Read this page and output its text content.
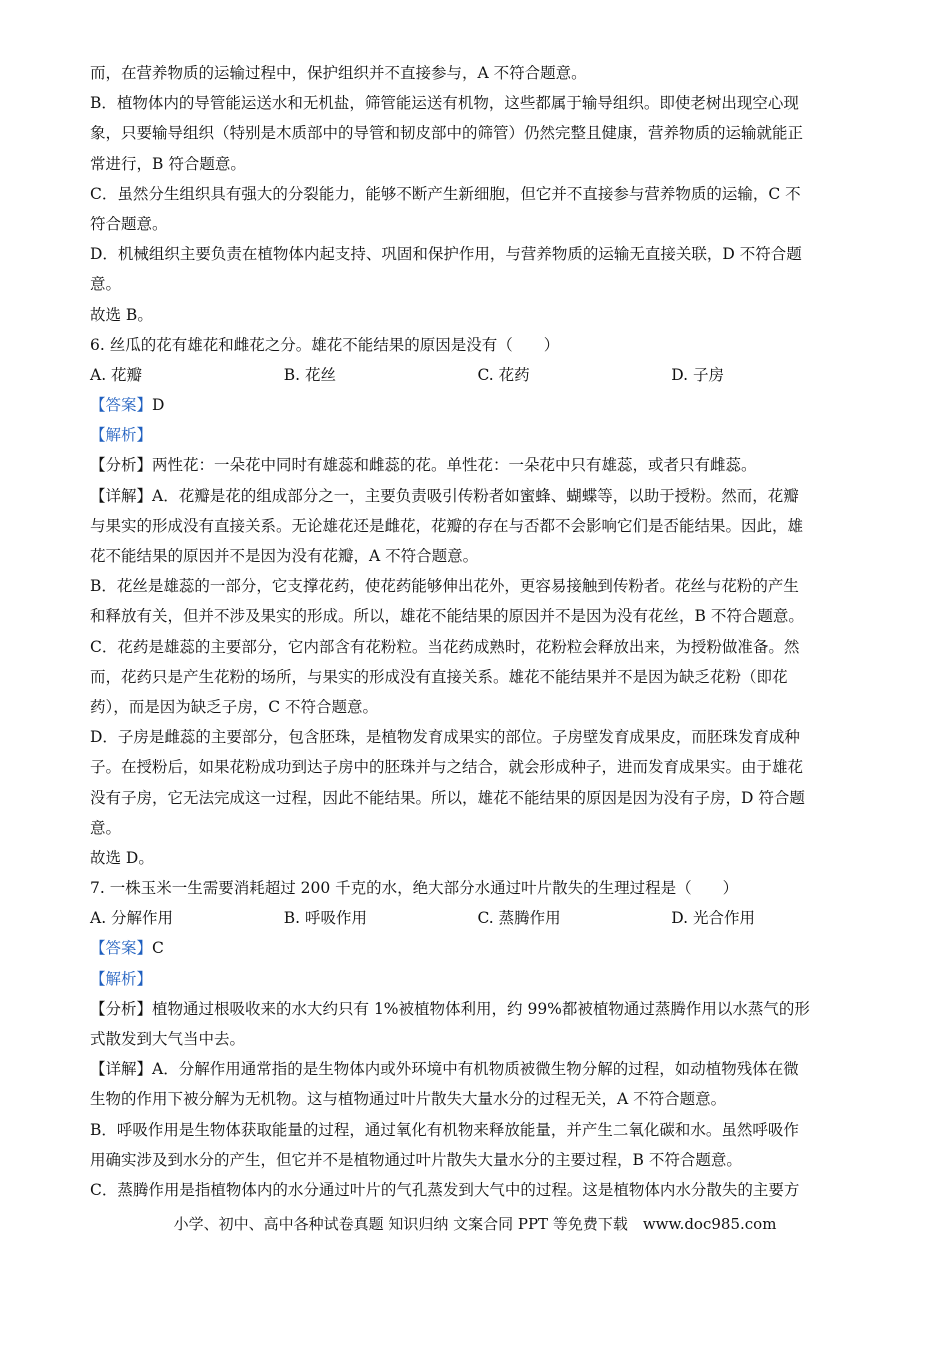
而，在营养物质的运输过程中，保护组织并不直接参与，A 不符合题意。
B．植物体内的导管能运送水和无机盐，筛管能运送有机物，这些都属于输导组织。即使老树出现空心现
象，只要输导组织（特别是木质部中的导管和韧皮部中的筛管）仍然完整且健康，营养物质的运输就能正
常进行，B 符合题意。
C．虽然分生组织具有强大的分裂能力，能够不断产生新细胞，但它并不直接参与营养物质的运输，C 不
符合题意。
D．机械组织主要负责在植物体内起支持、巩固和保护作用，与营养物质的运输无直接关联，D 不符合题
意。
故选 B。
6. 丝瓜的花有雄花和雌花之分。雄花不能结果的原因是没有（　　）
A. 花瓣	B. 花丝	C. 花药	D. 子房
【答案】D
【解析】
【分析】两性花：一朵花中同时有雄蕊和雌蕊的花。单性花：一朵花中只有雄蕊，或者只有雌蕊。
【详解】A．花瓣是花的组成部分之一，主要负责吸引传粉者如蜜蜂、蝴蝶等，以助于授粉。然而，花瓣
与果实的形成没有直接关系。无论雄花还是雌花，花瓣的存在与否都不会影响它们是否能结果。因此，雄
花不能结果的原因并不是因为没有花瓣，A 不符合题意。
B．花丝是雄蕊的一部分，它支撑花药，使花药能够伸出花外，更容易接触到传粉者。花丝与花粉的产生
和释放有关，但并不涉及果实的形成。所以，雄花不能结果的原因并不是因为没有花丝，B 不符合题意。
C．花药是雄蕊的主要部分，它内部含有花粉粒。当花药成熟时，花粉粒会释放出来，为授粉做准备。然
而，花药只是产生花粉的场所，与果实的形成没有直接关系。雄花不能结果并不是因为缺乏花粉（即花
药），而是因为缺乏子房，C 不符合题意。
D．子房是雌蕊的主要部分，包含胚珠，是植物发育成果实的部位。子房壁发育成果皮，而胚珠发育成种
子。在授粉后，如果花粉成功到达子房中的胚珠并与之结合，就会形成种子，进而发育成果实。由于雄花
没有子房，它无法完成这一过程，因此不能结果。所以，雄花不能结果的原因是因为没有子房，D 符合题
意。
故选 D。
7. 一株玉米一生需要消耗超过 200 千克的水，绝大部分水通过叶片散失的生理过程是（　　）
A. 分解作用	B. 呼吸作用	C. 蒸腾作用	D. 光合作用
【答案】C
【解析】
【分析】植物通过根吸收来的水大约只有 1%被植物体利用，约 99%都被植物通过蒸腾作用以水蒸气的形
式散发到大气当中去。
【详解】A．分解作用通常指的是生物体内或外环境中有机物质被微生物分解的过程，如动植物残体在微
生物的作用下被分解为无机物。这与植物通过叶片散失大量水分的过程无关，A 不符合题意。
B．呼吸作用是生物体获取能量的过程，通过氧化有机物来释放能量，并产生二氧化碳和水。虽然呼吸作
用确实涉及到水分的产生，但它并不是植物通过叶片散失大量水分的主要过程，B 不符合题意。
C．蒸腾作用是指植物体内的水分通过叶片的气孔蒸发到大气中的过程。这是植物体内水分散失的主要方
小学、初中、高中各种试卷真题 知识归纳 文案合同 PPT 等免费下载　www.doc985.com
